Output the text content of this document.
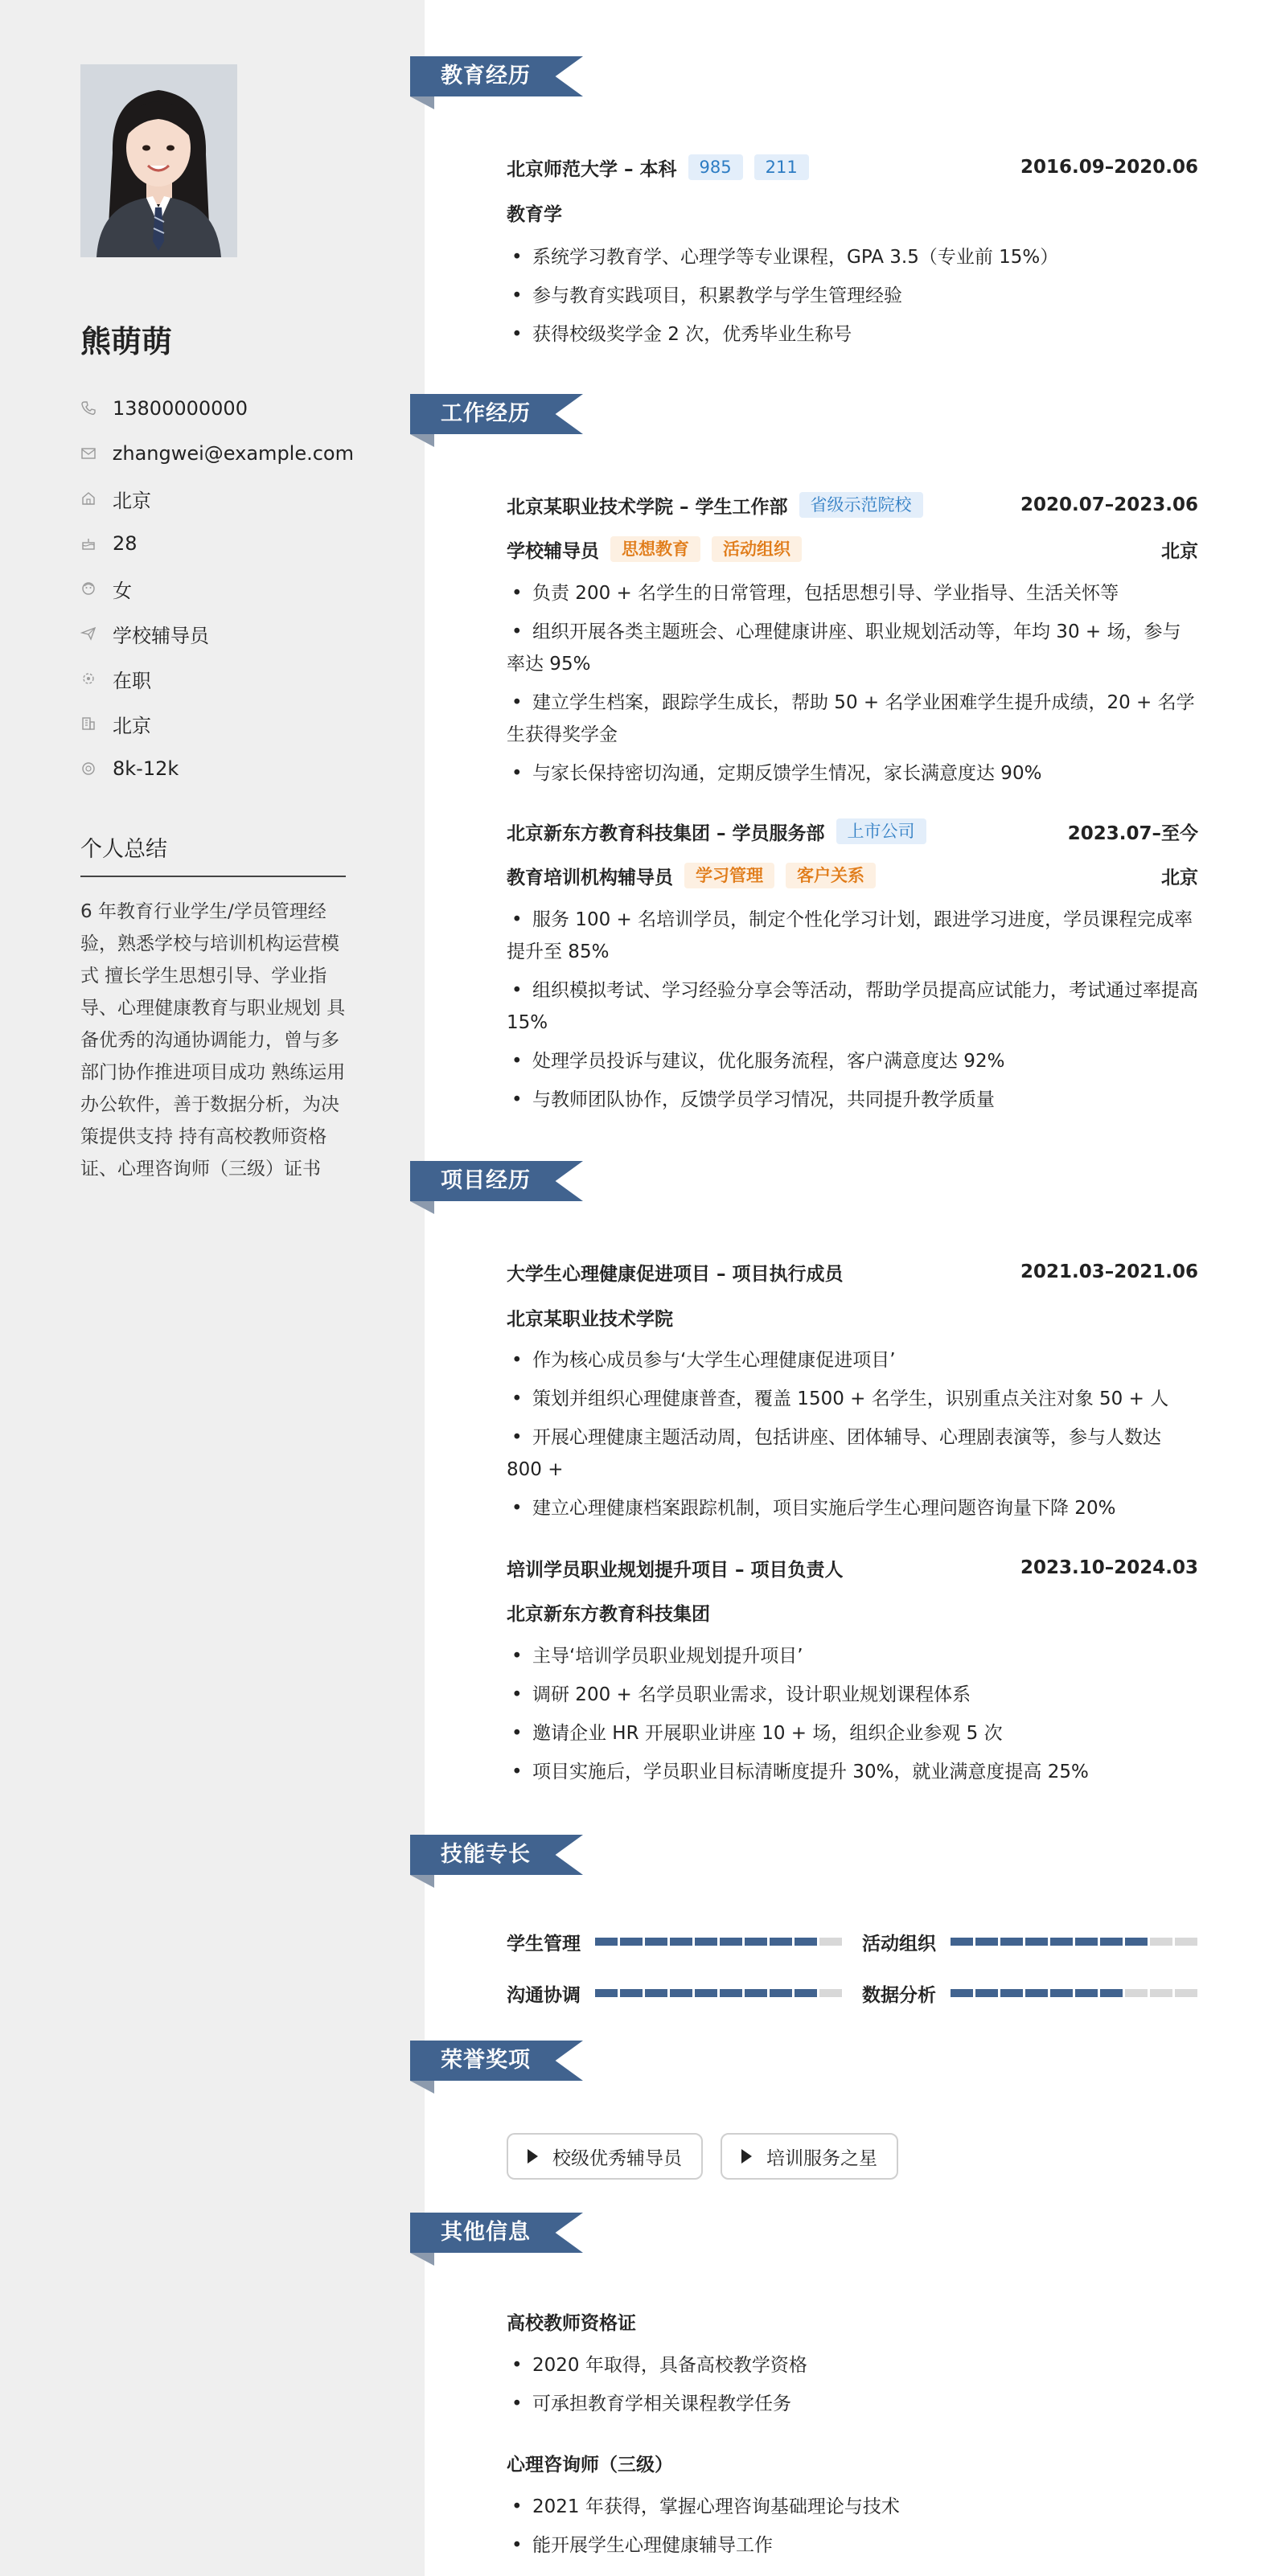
熊萌萌
13800000000
zhangwei@example.com
北京
28
女
学校辅导员
在职
北京
8k-12k
个人总结
6 年教育行业学生/学员管理经验，熟悉学校与培训机构运营模式 擅长学生思想引导、学业指导、心理健康教育与职业规划 具备优秀的沟通协调能力，曾与多部门协作推进项目成功 熟练运用办公软件，善于数据分析，为决策提供支持 持有高校教师资格证、心理咨询师（三级）证书
教育经历
北京师范大学 – 本科	985	211	2016.09–2020.06
教育学
• 系统学习教育学、心理学等专业课程，GPA 3.5（专业前 15%）
• 参与教育实践项目，积累教学与学生管理经验
• 获得校级奖学金 2 次，优秀毕业生称号
工作经历
北京某职业技术学院 – 学生工作部	省级示范院校	2020.07–2023.06
学校辅导员	思想教育	活动组织	北京
• 负责 200 + 名学生的日常管理，包括思想引导、学业指导、生活关怀等
• 组织开展各类主题班会、心理健康讲座、职业规划活动等，年均 30 + 场，参与率达 95%
• 建立学生档案，跟踪学生成长，帮助 50 + 名学业困难学生提升成绩，20 + 名学生获得奖学金
• 与家长保持密切沟通，定期反馈学生情况，家长满意度达 90%
北京新东方教育科技集团 – 学员服务部	上市公司	2023.07–至今
教育培训机构辅导员	学习管理	客户关系	北京
• 服务 100 + 名培训学员，制定个性化学习计划，跟进学习进度，学员课程完成率提升至 85%
• 组织模拟考试、学习经验分享会等活动，帮助学员提高应试能力，考试通过率提高 15%
• 处理学员投诉与建议，优化服务流程，客户满意度达 92%
• 与教师团队协作，反馈学员学习情况，共同提升教学质量
项目经历
大学生心理健康促进项目 – 项目执行成员	2021.03–2021.06
北京某职业技术学院
• 作为核心成员参与‘大学生心理健康促进项目’
• 策划并组织心理健康普查，覆盖 1500 + 名学生，识别重点关注对象 50 + 人
• 开展心理健康主题活动周，包括讲座、团体辅导、心理剧表演等，参与人数达 800 +
• 建立心理健康档案跟踪机制，项目实施后学生心理问题咨询量下降 20%
培训学员职业规划提升项目 – 项目负责人	2023.10–2024.03
北京新东方教育科技集团
• 主导‘培训学员职业规划提升项目’
• 调研 200 + 名学员职业需求，设计职业规划课程体系
• 邀请企业 HR 开展职业讲座 10 + 场，组织企业参观 5 次
• 项目实施后，学员职业目标清晰度提升 30%，就业满意度提高 25%
技能专长
学生管理	活动组织
沟通协调	数据分析
荣誉奖项
校级优秀辅导员	培训服务之星
其他信息
高校教师资格证
• 2020 年取得，具备高校教学资格
• 可承担教育学相关课程教学任务
心理咨询师（三级）
• 2021 年获得，掌握心理咨询基础理论与技术
• 能开展学生心理健康辅导工作
